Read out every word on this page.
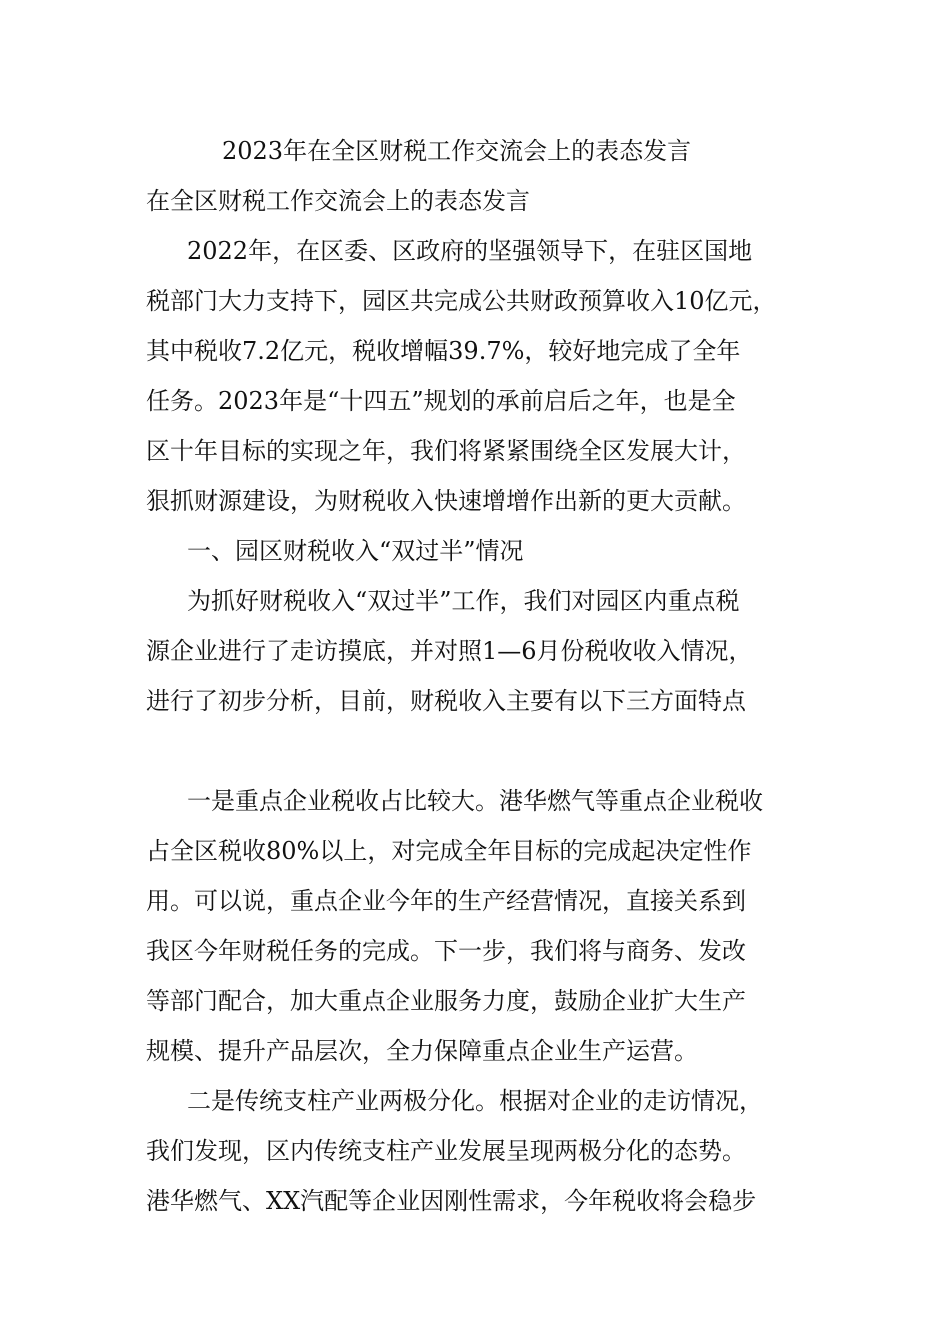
2023年在全区财税工作交流会上的表态发言
在全区财税工作交流会上的表态发言

2022年，在区委、区政府的坚强领导下，在驻区国地

税部门大力支持下，园区共完成公共财政预算收入10亿元，

其中税收7.2亿元，税收增幅39.7%，较好地完成了全年

任务。2023年是“十四五”规划的承前启后之年，也是全

区十年目标的实现之年，我们将紧紧围绕全区发展大计，

狠抓财源建设，为财税收入快速增增作出新的更大贡献。

一、园区财税收入“双过半”情况

为抓好财税收入“双过半”工作，我们对园区内重点税

源企业进行了走访摸底，并对照1—6月份税收收入情况，

进行了初步分析，目前，财税收入主要有以下三方面特点

一是重点企业税收占比较大。港华燃气等重点企业税收

占全区税收80%以上，对完成全年目标的完成起决定性作

用。可以说，重点企业今年的生产经营情况，直接关系到

我区今年财税任务的完成。下一步，我们将与商务、发改

等部门配合，加大重点企业服务力度，鼓励企业扩大生产

规模、提升产品层次，全力保障重点企业生产运营。

二是传统支柱产业两极分化。根据对企业的走访情况，

我们发现，区内传统支柱产业发展呈现两极分化的态势。

港华燃气、XX汽配等企业因刚性需求，今年税收将会稳步
